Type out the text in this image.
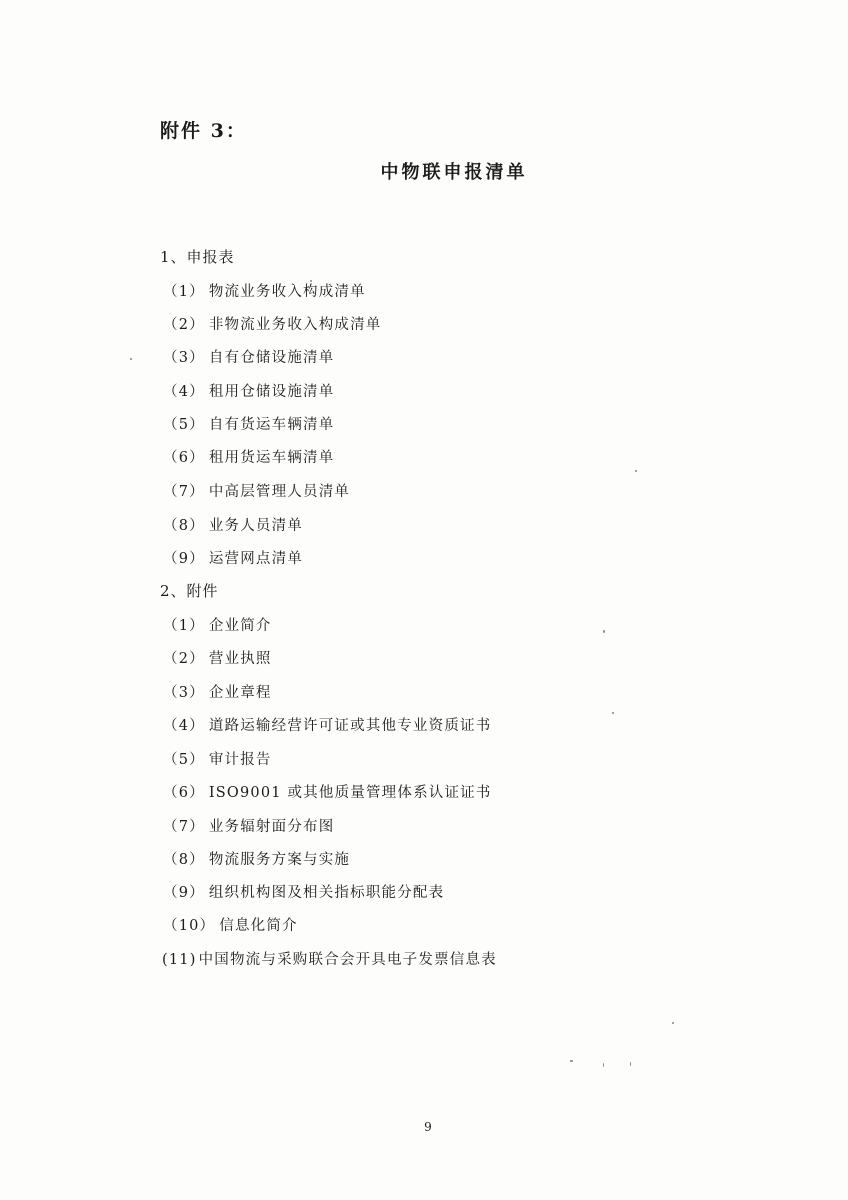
附件 3：
中物联申报清单
1、申报表
（1） 物流业务收入构成清单
（2） 非物流业务收入构成清单
（3） 自有仓储设施清单
（4） 租用仓储设施清单
（5） 自有货运车辆清单
（6） 租用货运车辆清单
（7） 中高层管理人员清单
（8） 业务人员清单
（9） 运营网点清单
2、附件
（1） 企业简介
（2） 营业执照
（3） 企业章程
（4） 道路运输经营许可证或其他专业资质证书
（5） 审计报告
（6） ISO9001 或其他质量管理体系认证证书
（7） 业务辐射面分布图
（8） 物流服务方案与实施
（9） 组织机构图及相关指标职能分配表
（10） 信息化简介
(11) 中国物流与采购联合会开具电子发票信息表
9
